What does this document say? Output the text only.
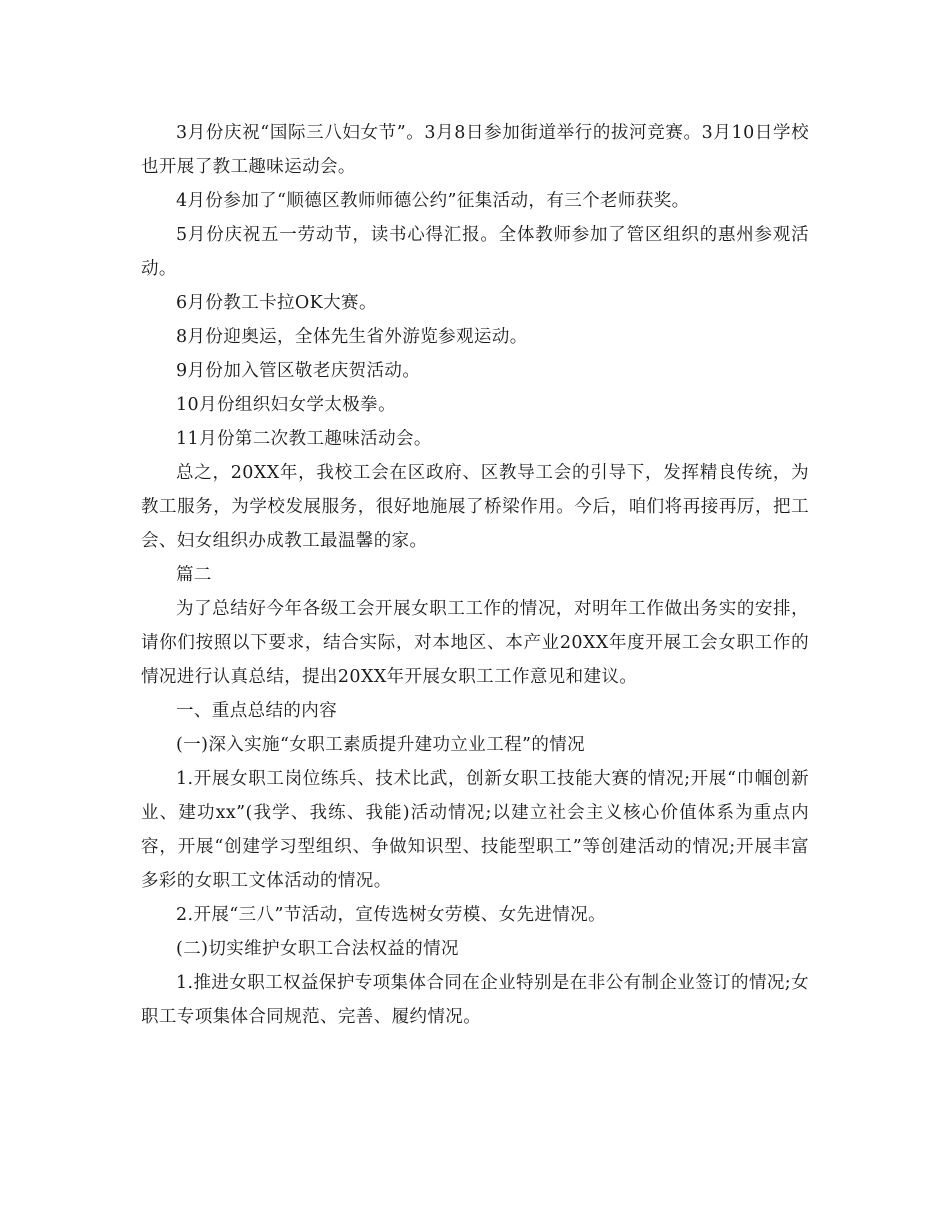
3月份庆祝“国际三八妇女节”。3月8日参加街道举行的拔河竞赛。3月10日学校也开展了教工趣味运动会。

4月份参加了“顺德区教师师德公约”征集活动，有三个老师获奖。

5月份庆祝五一劳动节，读书心得汇报。全体教师参加了管区组织的惠州参观活动。

6月份教工卡拉OK大赛。

8月份迎奥运，全体先生省外游览参观运动。

9月份加入管区敬老庆贺活动。

10月份组织妇女学太极拳。

11月份第二次教工趣味活动会。

总之，20XX年，我校工会在区政府、区教导工会的引导下，发挥精良传统，为教工服务，为学校发展服务，很好地施展了桥梁作用。今后，咱们将再接再厉，把工会、妇女组织办成教工最温馨的家。

篇二

为了总结好今年各级工会开展女职工工作的情况，对明年工作做出务实的安排，请你们按照以下要求，结合实际，对本地区、本产业20XX年度开展工会女职工作的情况进行认真总结，提出20XX年开展女职工工作意见和建议。

一、重点总结的内容

(一)深入实施“女职工素质提升建功立业工程”的情况

1.开展女职工岗位练兵、技术比武，创新女职工技能大赛的情况;开展“巾帼创新业、建功xx”(我学、我练、我能)活动情况;以建立社会主义核心价值体系为重点内容，开展“创建学习型组织、争做知识型、技能型职工”等创建活动的情况;开展丰富多彩的女职工文体活动的情况。

2.开展“三八”节活动，宣传选树女劳模、女先进情况。

(二)切实维护女职工合法权益的情况

1.推进女职工权益保护专项集体合同在企业特别是在非公有制企业签订的情况;女职工专项集体合同规范、完善、履约情况。
